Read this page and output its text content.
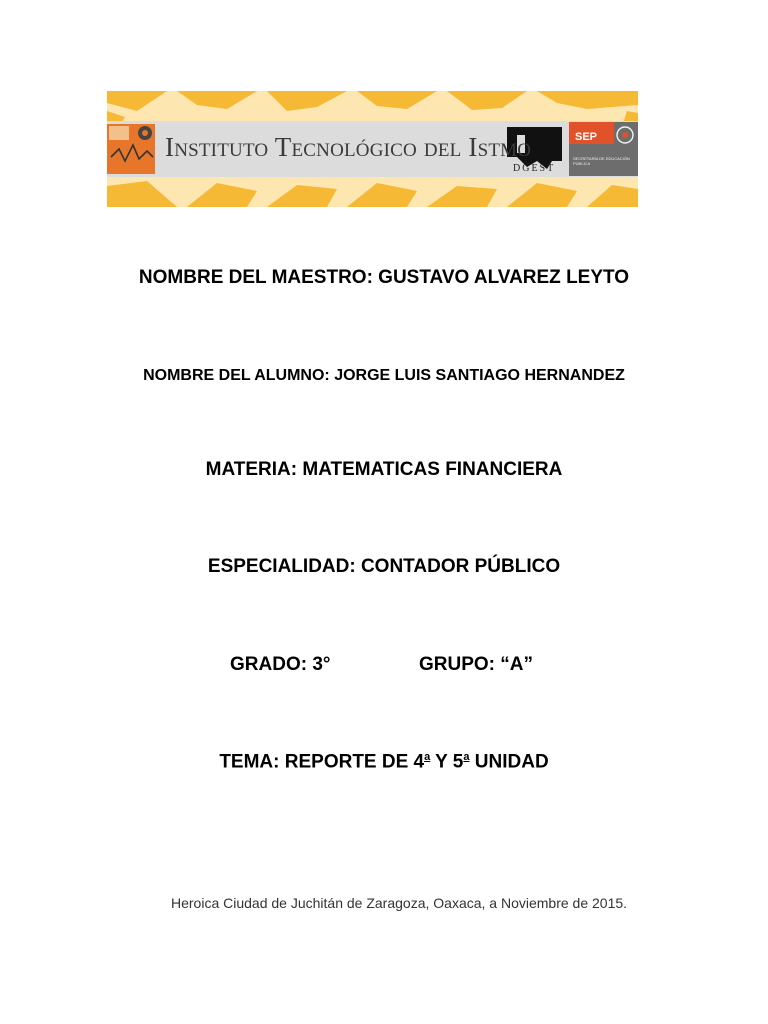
Instituto Tecnológico del Istmo
DGEST
SEP
SECRETARÍA DE EDUCACIÓN PÚBLICA
NOMBRE DEL MAESTRO: GUSTAVO ALVAREZ LEYTO
NOMBRE DEL ALUMNO: JORGE LUIS SANTIAGO HERNANDEZ
MATERIA: MATEMATICAS FINANCIERA
ESPECIALIDAD: CONTADOR PÚBLICO
GRADO: 3°	GRUPO: “A”
TEMA: REPORTE DE 4$^a$ Y 5$^a$ UNIDAD
Heroica Ciudad de Juchitán de Zaragoza, Oaxaca, a Noviembre de 2015.
